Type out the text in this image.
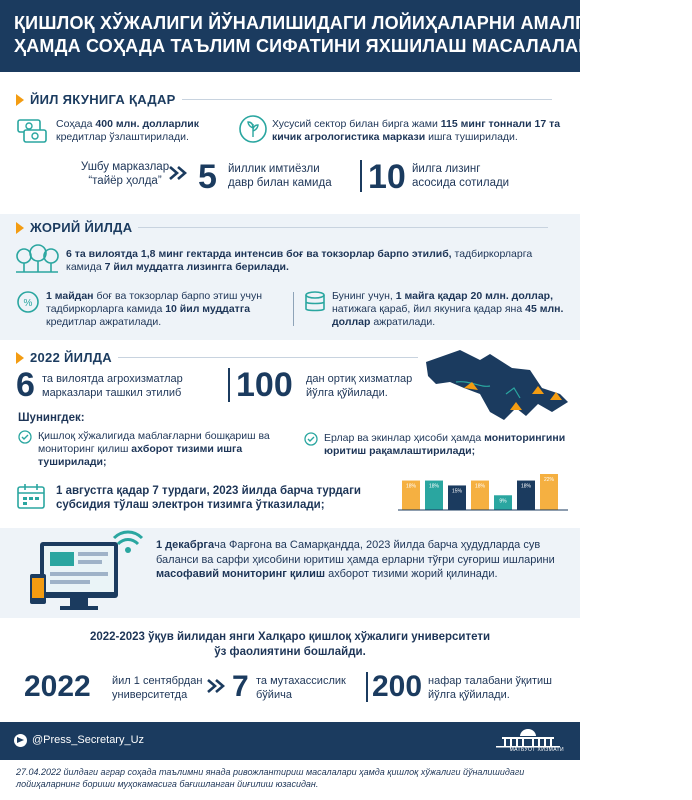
ҚИШЛОҚ ХЎЖАЛИГИ ЙЎНАЛИШИДАГИ ЛОЙИҲАЛАРНИ АМАЛГА ОШИРИШ
ҲАМДА СОҲАДА ТАЪЛИМ СИФАТИНИ ЯХШИЛАШ МАСАЛАЛАРИ*
ЙИЛ ЯКУНИГА ҚАДАР
Соҳада 400 млн. долларлик кредитлар ўзлаштирилади.
Хусусий сектор билан бирга жами 115 минг тоннали 17 та кичик агрологистика маркази ишга туширилади.
Ушбу марказлар
“тайёр ҳолда”	5 йиллик имтиёзли
давр билан камида	10 йилга лизинг
асосида сотилади
ЖОРИЙ ЙИЛДА
6 та вилоятда 1,8 минг гектарда интенсив боғ ва токзорлар барпо этилиб, тадбиркорларга камида 7 йил муддатга лизингга берилади.
%
1 майдан боғ ва токзорлар барпо этиш учун тадбиркорларга камида 10 йил муддатга кредитлар ажратилади.
Бунинг учун, 1 майга қадар 20 млн. доллар, натижага қараб, йил якунига қадар яна 45 млн. доллар ажратилади.
2022 ЙИЛДА
6 та вилоятда агрохизматлар
марказлари ташкил этилиб	100 дан ортиқ хизматлар
йўлга қўйилади.
Шунингдек:
Қишлоқ хўжалигида маблағларни бошқариш ва мониторинг қилиш ахборот тизими ишга туширилади;
Ерлар ва экинлар ҳисоби ҳамда мониторингини юритиш рақамлаштирилади;
1 августга қадар 7 турдаги, 2023 йилда барча турдаги субсидия тўлаш электрон тизимга ўтказилади;
18%	18%
15%
18%
9%
18%
22%
1 декабргача Фарғона ва Самарқандда, 2023 йилда барча ҳудудларда сув баланси ва сарфи ҳисобини юритиш ҳамда ерларни тўғри суғориш ишларини масофавий мониторинг қилиш ахборот тизими жорий қилинади.
2022-2023 ўқув йилидан янги Халқаро қишлоқ хўжалиги университети
ўз фаолиятини бошлайди.
2022 йил 1 сентябрдан
университетда	7 та мутахассислик
бўйича	200 нафар талабани ўқитиш
йўлга қўйилади.
@Press_Secretary_Uz
МАТБУОТ ХИЗМАТИ
27.04.2022 йилдаги аграр соҳада таълимни янада ривожлантириш масалалари ҳамда қишлоқ хўжалиги йўналишидаги лойиҳаларнинг бориши муҳокамасига бағишланган йиғилиш юзасидан.
